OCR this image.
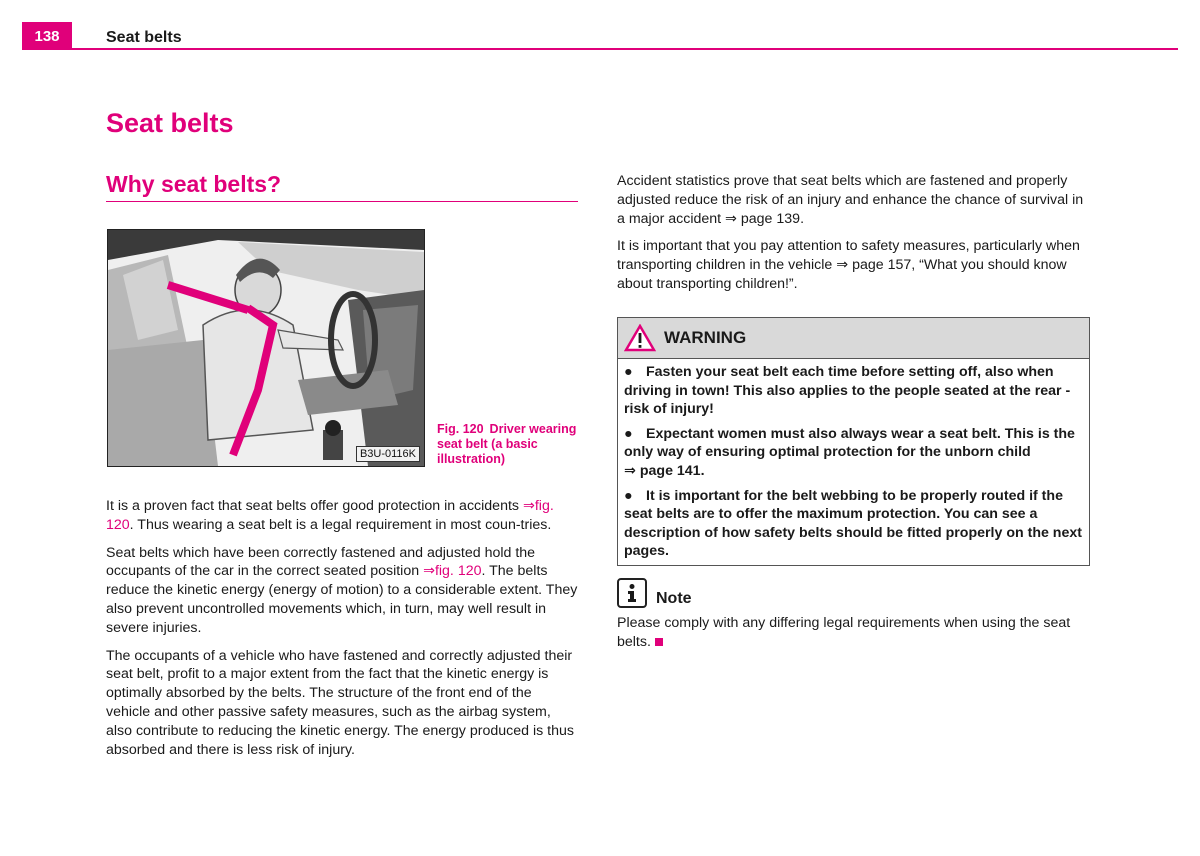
138	Seat belts
Seat belts
Why seat belts?
B3U-0116K
Fig. 120 Driver wearing seat belt (a basic illustration)

It is a proven fact that seat belts offer good protection in accidents ⇒fig. 120. Thus wearing a seat belt is a legal requirement in most coun-tries.

Seat belts which have been correctly fastened and adjusted hold the occupants of the car in the correct seated position ⇒fig. 120. The belts reduce the kinetic energy (energy of motion) to a considerable extent. They also prevent uncontrolled movements which, in turn, may well result in severe injuries.

The occupants of a vehicle who have fastened and correctly adjusted their seat belt, profit to a major extent from the fact that the kinetic energy is optimally absorbed by the belts. The structure of the front end of the vehicle and other passive safety measures, such as the airbag system, also contribute to reducing the kinetic energy. The energy produced is thus absorbed and there is less risk of injury.

Accident statistics prove that seat belts which are fastened and properly adjusted reduce the risk of an injury and enhance the chance of survival in a major accident ⇒ page 139.

It is important that you pay attention to safety measures, particularly when transporting children in the vehicle ⇒ page 157, “What you should know about transporting children!”.

WARNING

● Fasten your seat belt each time before setting off, also when driving in town! This also applies to the people seated at the rear - risk of injury!

● Expectant women must also always wear a seat belt. This is the only way of ensuring optimal protection for the unborn child
⇒ page 141.

● It is important for the belt webbing to be properly routed if the seat belts are to offer the maximum protection. You can see a description of how safety belts should be fitted properly on the next pages.

Note
Please comply with any differing legal requirements when using the seat belts.
